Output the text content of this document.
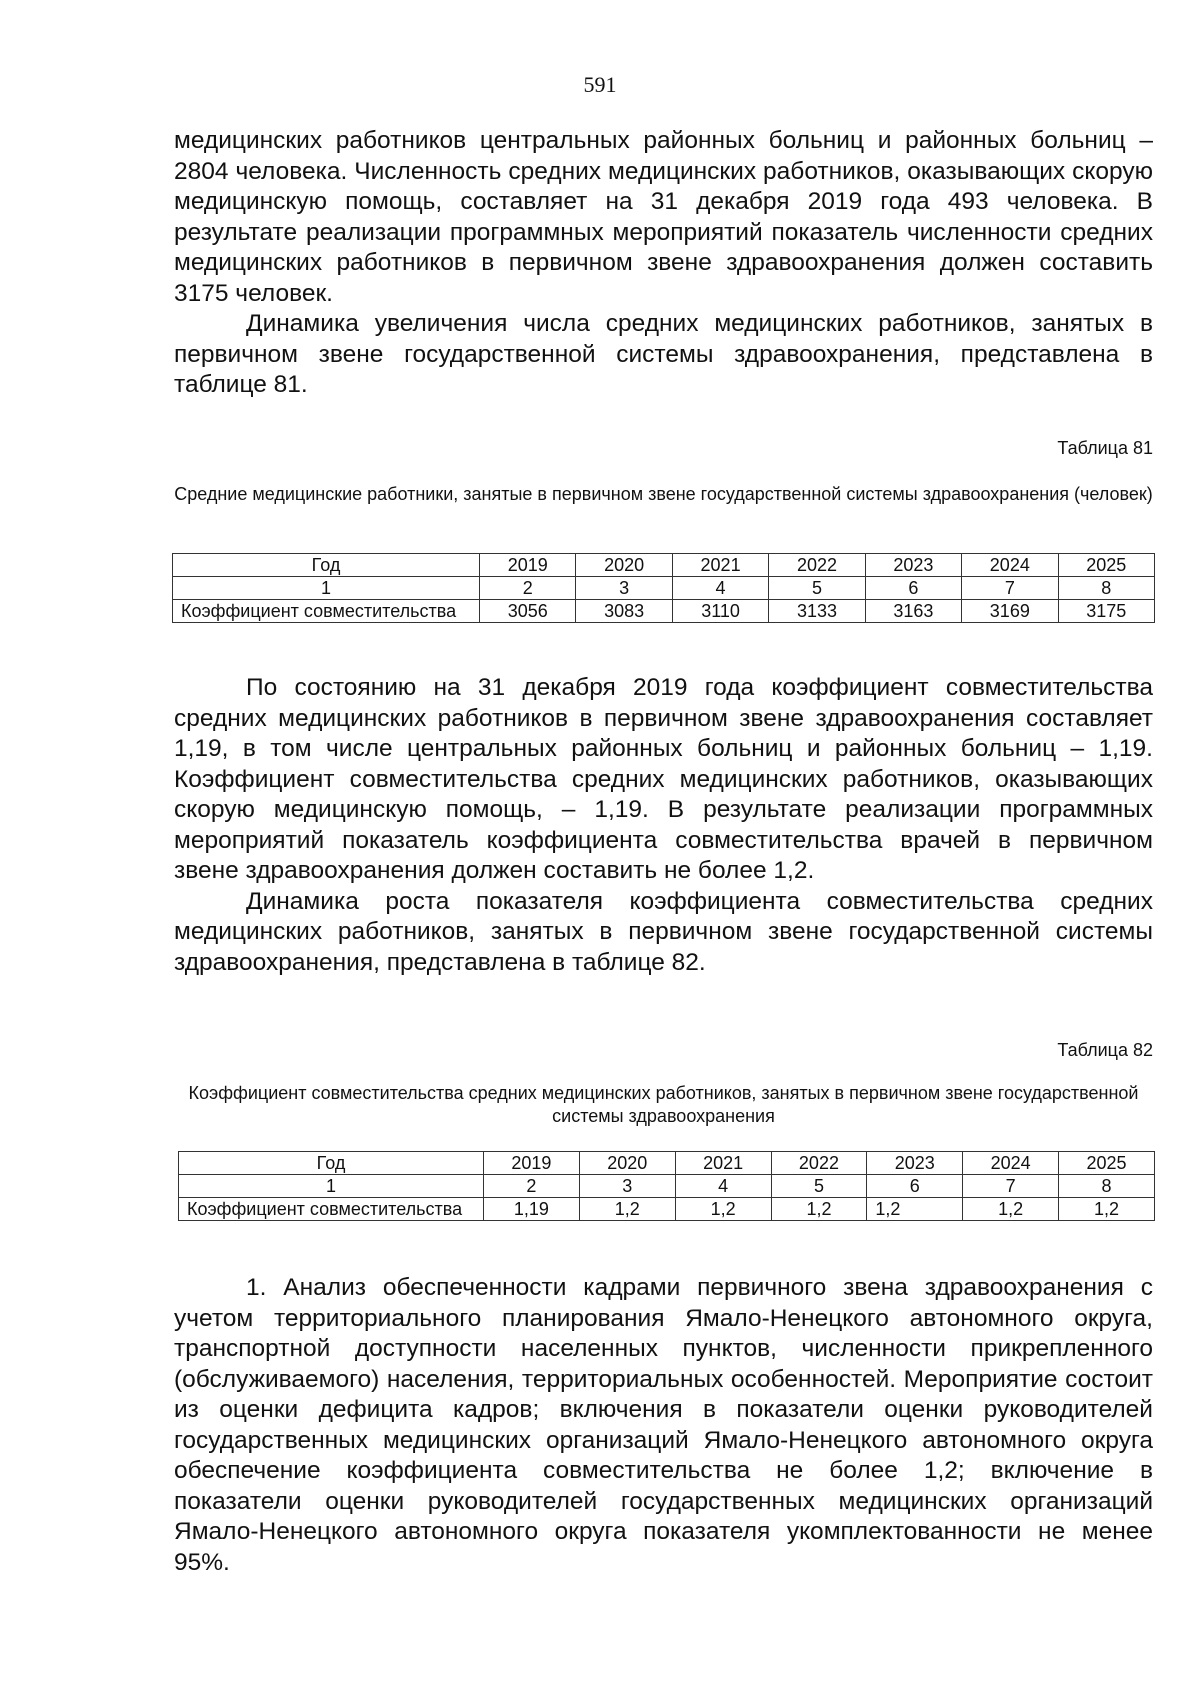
591

медицинских работников центральных районных больниц и районных больниц – 2804 человека. Численность средних медицинских работников, оказывающих скорую медицинскую помощь, составляет на 31 декабря 2019 года 493 человека. В результате реализации программных мероприятий показатель численности средних медицинских работников в первичном звене здравоохранения должен составить 3175 человек.

Динамика увеличения числа средних медицинских работников, занятых в первичном звене государственной системы здравоохранения, представлена в таблице 81.

Таблица 81
Средние медицинские работники, занятые в первичном звене государственной системы здравоохранения (человек)
Год	2019	2020	2021	2022	2023	2024	2025
1	2	3	4	5	6	7	8
Коэффициент совместительства	3056	3083	3110	3133	3163	3169	3175

По состоянию на 31 декабря 2019 года коэффициент совместительства средних медицинских работников в первичном звене здравоохранения составляет 1,19, в том числе центральных районных больниц и районных больниц – 1,19. Коэффициент совместительства средних медицинских работников, оказывающих скорую медицинскую помощь, – 1,19. В результате реализации программных мероприятий показатель коэффициента совместительства врачей в первичном звене здравоохранения должен составить не более 1,2.

Динамика роста показателя коэффициента совместительства средних медицинских работников, занятых в первичном звене государственной системы здравоохранения, представлена в таблице 82.

Таблица 82
Коэффициент совместительства средних медицинских работников, занятых в первичном звене государственной системы здравоохранения
Год	2019	2020	2021	2022	2023	2024	2025
1	2	3	4	5	6	7	8
Коэффициент совместительства	1,19	1,2	1,2	1,2	1,2	1,2	1,2

1. Анализ обеспеченности кадрами первичного звена здравоохранения с учетом территориального планирования Ямало-Ненецкого автономного округа, транспортной доступности населенных пунктов, численности прикрепленного (обслуживаемого) населения, территориальных особенностей. Мероприятие состоит из оценки дефицита кадров; включения в показатели оценки руководителей государственных медицинских организаций Ямало-Ненецкого автономного округа обеспечение коэффициента совместительства не более 1,2; включение в показатели оценки руководителей государственных медицинских организаций Ямало-Ненецкого автономного округа показателя укомплектованности не менее 95%.
